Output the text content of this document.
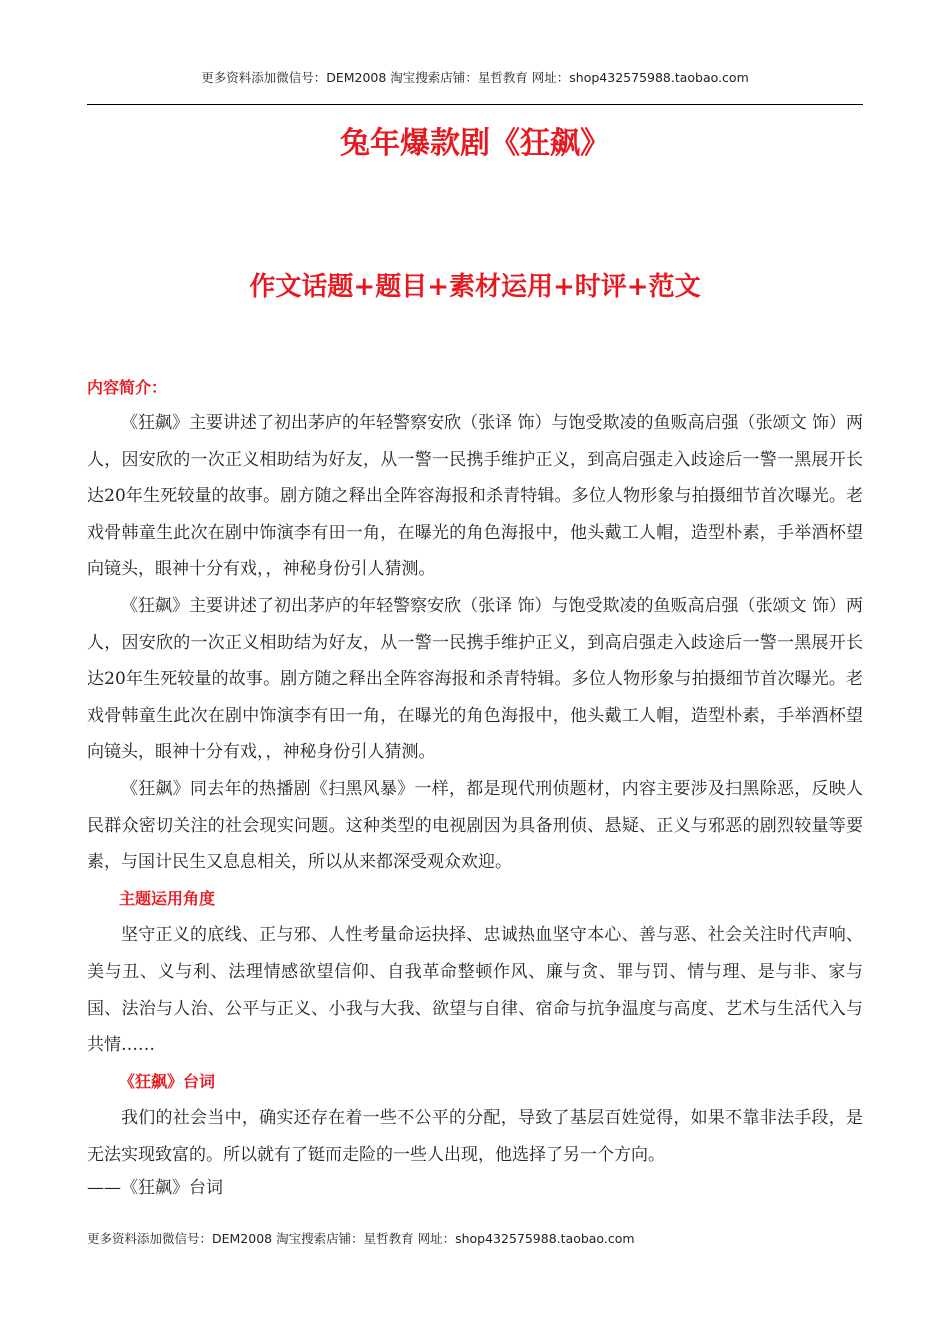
更多资料添加微信号：DEM2008 淘宝搜索店铺：星哲教育 网址：shop432575988.taobao.com
兔年爆款剧《狂飙》
作文话题+题目+素材运用+时评+范文
内容简介：

《狂飙》主要讲述了初出茅庐的年轻警察安欣（张译 饰）与饱受欺凌的鱼贩高启强（张颂文 饰）两人，因安欣的一次正义相助结为好友，从一警一民携手维护正义，到高启强走入歧途后一警一黑展开长达20年生死较量的故事。剧方随之释出全阵容海报和杀青特辑。多位人物形象与拍摄细节首次曝光。老戏骨韩童生此次在剧中饰演李有田一角，在曝光的角色海报中，他头戴工人帽，造型朴素，手举酒杯望向镜头，眼神十分有戏，，神秘身份引人猜测。

《狂飙》主要讲述了初出茅庐的年轻警察安欣（张译 饰）与饱受欺凌的鱼贩高启强（张颂文 饰）两人，因安欣的一次正义相助结为好友，从一警一民携手维护正义，到高启强走入歧途后一警一黑展开长达20年生死较量的故事。剧方随之释出全阵容海报和杀青特辑。多位人物形象与拍摄细节首次曝光。老戏骨韩童生此次在剧中饰演李有田一角，在曝光的角色海报中，他头戴工人帽，造型朴素，手举酒杯望向镜头，眼神十分有戏，，神秘身份引人猜测。

《狂飙》同去年的热播剧《扫黑风暴》一样，都是现代刑侦题材，内容主要涉及扫黑除恶，反映人民群众密切关注的社会现实问题。这种类型的电视剧因为具备刑侦、悬疑、正义与邪恶的剧烈较量等要素，与国计民生又息息相关，所以从来都深受观众欢迎。

主题运用角度

坚守正义的底线、正与邪、人性考量命运抉择、忠诚热血坚守本心、善与恶、社会关注时代声响、美与丑、义与利、法理情感欲望信仰、自我革命整顿作风、廉与贪、罪与罚、情与理、是与非、家与国、法治与人治、公平与正义、小我与大我、欲望与自律、宿命与抗争温度与高度、艺术与生活代入与共情……

《狂飙》台词

我们的社会当中，确实还存在着一些不公平的分配，导致了基层百姓觉得，如果不靠非法手段，是无法实现致富的。所以就有了铤而走险的一些人出现，他选择了另一个方向。

——《狂飙》台词
更多资料添加微信号：DEM2008 淘宝搜索店铺：星哲教育 网址：shop432575988.taobao.com
